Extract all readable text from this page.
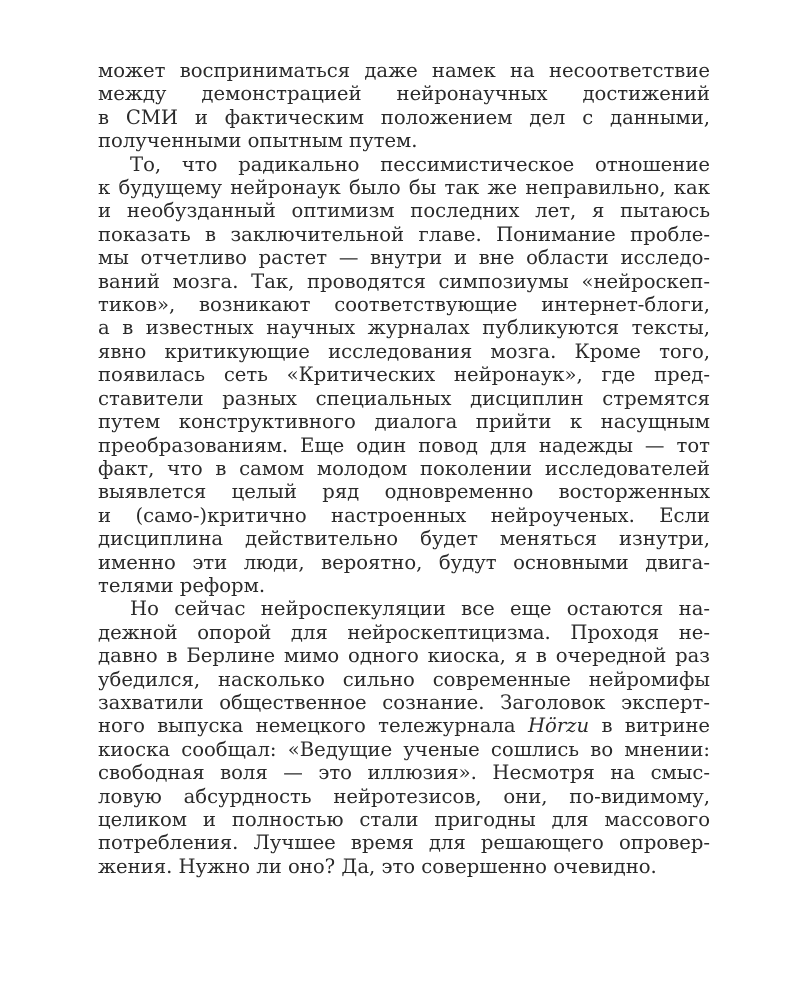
может восприниматься даже намек на несоответствие
между демонстрацией нейронаучных достижений
в СМИ и фактическим положением дел с данными,
полученными опытным путем.
То, что радикально пессимистическое отношение
к будущему нейронаук было бы так же неправильно, как
и необузданный оптимизм последних лет, я пытаюсь
показать в заключительной главе. Понимание пробле-
мы отчетливо растет — внутри и вне области исследо-
ваний мозга. Так, проводятся симпозиумы «нейроскеп-
тиков», возникают соответствующие интернет-блоги,
а в известных научных журналах публикуются тексты,
явно критикующие исследования мозга. Кроме того,
появилась сеть «Критических нейронаук», где пред-
ставители разных специальных дисциплин стремятся
путем конструктивного диалога прийти к насущным
преобразованиям. Еще один повод для надежды — тот
факт, что в самом молодом поколении исследователей
выявлется целый ряд одновременно восторженных
и (само-)критично настроенных нейроученых. Если
дисциплина действительно будет меняться изнутри,
именно эти люди, вероятно, будут основными двига-
телями реформ.
Но сейчас нейроспекуляции все еще остаются на-
дежной опорой для нейроскептицизма. Проходя не-
давно в Берлине мимо одного киоска, я в очередной раз
убедился, насколько сильно современные нейромифы
захватили общественное сознание. Заголовок эксперт-
ного выпуска немецкого тележурнала Hörzu в витрине
киоска сообщал: «Ведущие ученые сошлись во мнении:
свободная воля — это иллюзия». Несмотря на смыс-
ловую абсурдность нейротезисов, они, по-видимому,
целиком и полностью стали пригодны для массового
потребления. Лучшее время для решающего опровер-
жения. Нужно ли оно? Да, это совершенно очевидно.
